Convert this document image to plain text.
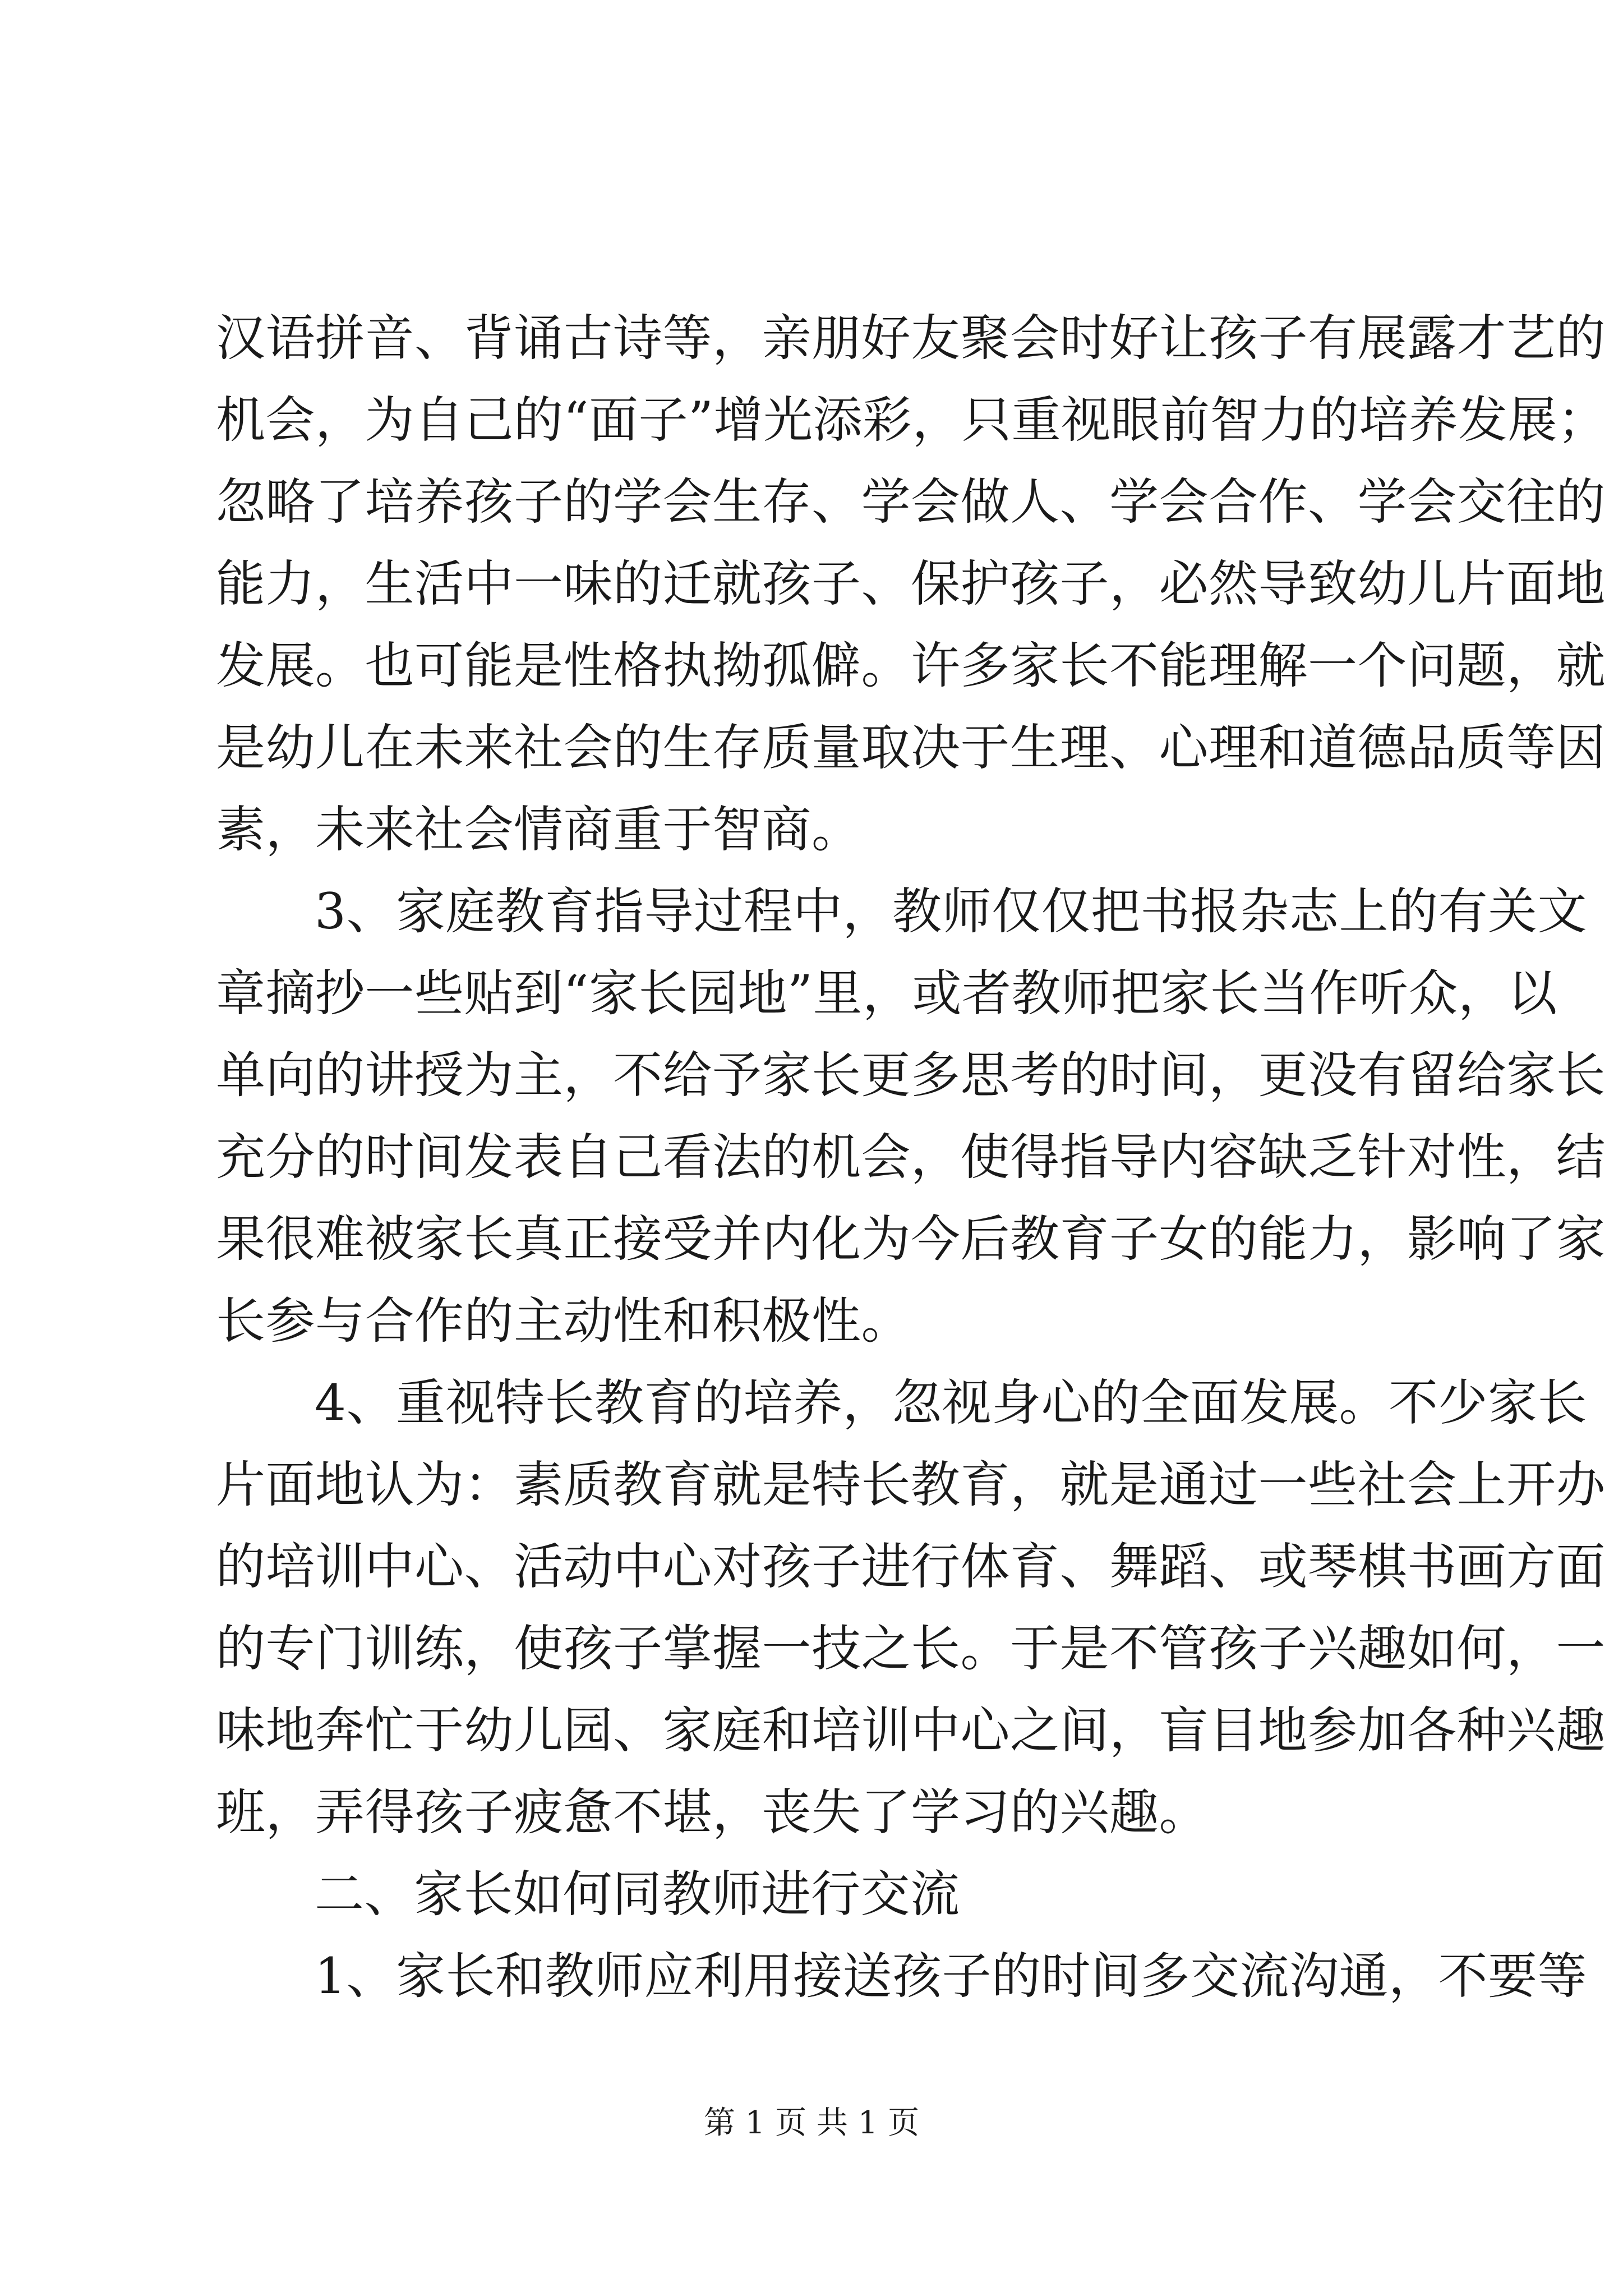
汉语拼音、背诵古诗等，亲朋好友聚会时好让孩子有展露才艺的
机会，为自己的“面子”增光添彩，只重视眼前智力的培养发展；
忽略了培养孩子的学会生存、学会做人、学会合作、学会交往的
能力，生活中一味的迁就孩子、保护孩子，必然导致幼儿片面地
发展。也可能是性格执拗孤僻。许多家长不能理解一个问题，就
是幼儿在未来社会的生存质量取决于生理、心理和道德品质等因
素，未来社会情商重于智商。
3、家庭教育指导过程中，教师仅仅把书报杂志上的有关文
章摘抄一些贴到“家长园地”里，或者教师把家长当作听众，以
单向的讲授为主，不给予家长更多思考的时间，更没有留给家长
充分的时间发表自己看法的机会，使得指导内容缺乏针对性，结
果很难被家长真正接受并内化为今后教育子女的能力，影响了家
长参与合作的主动性和积极性。
4、重视特长教育的培养，忽视身心的全面发展。不少家长
片面地认为：素质教育就是特长教育，就是通过一些社会上开办
的培训中心、活动中心对孩子进行体育、舞蹈、或琴棋书画方面
的专门训练，使孩子掌握一技之长。于是不管孩子兴趣如何，一
味地奔忙于幼儿园、家庭和培训中心之间，盲目地参加各种兴趣
班，弄得孩子疲惫不堪，丧失了学习的兴趣。
二、家长如何同教师进行交流
1、家长和教师应利用接送孩子的时间多交流沟通，不要等
第 1 页 共 1 页
